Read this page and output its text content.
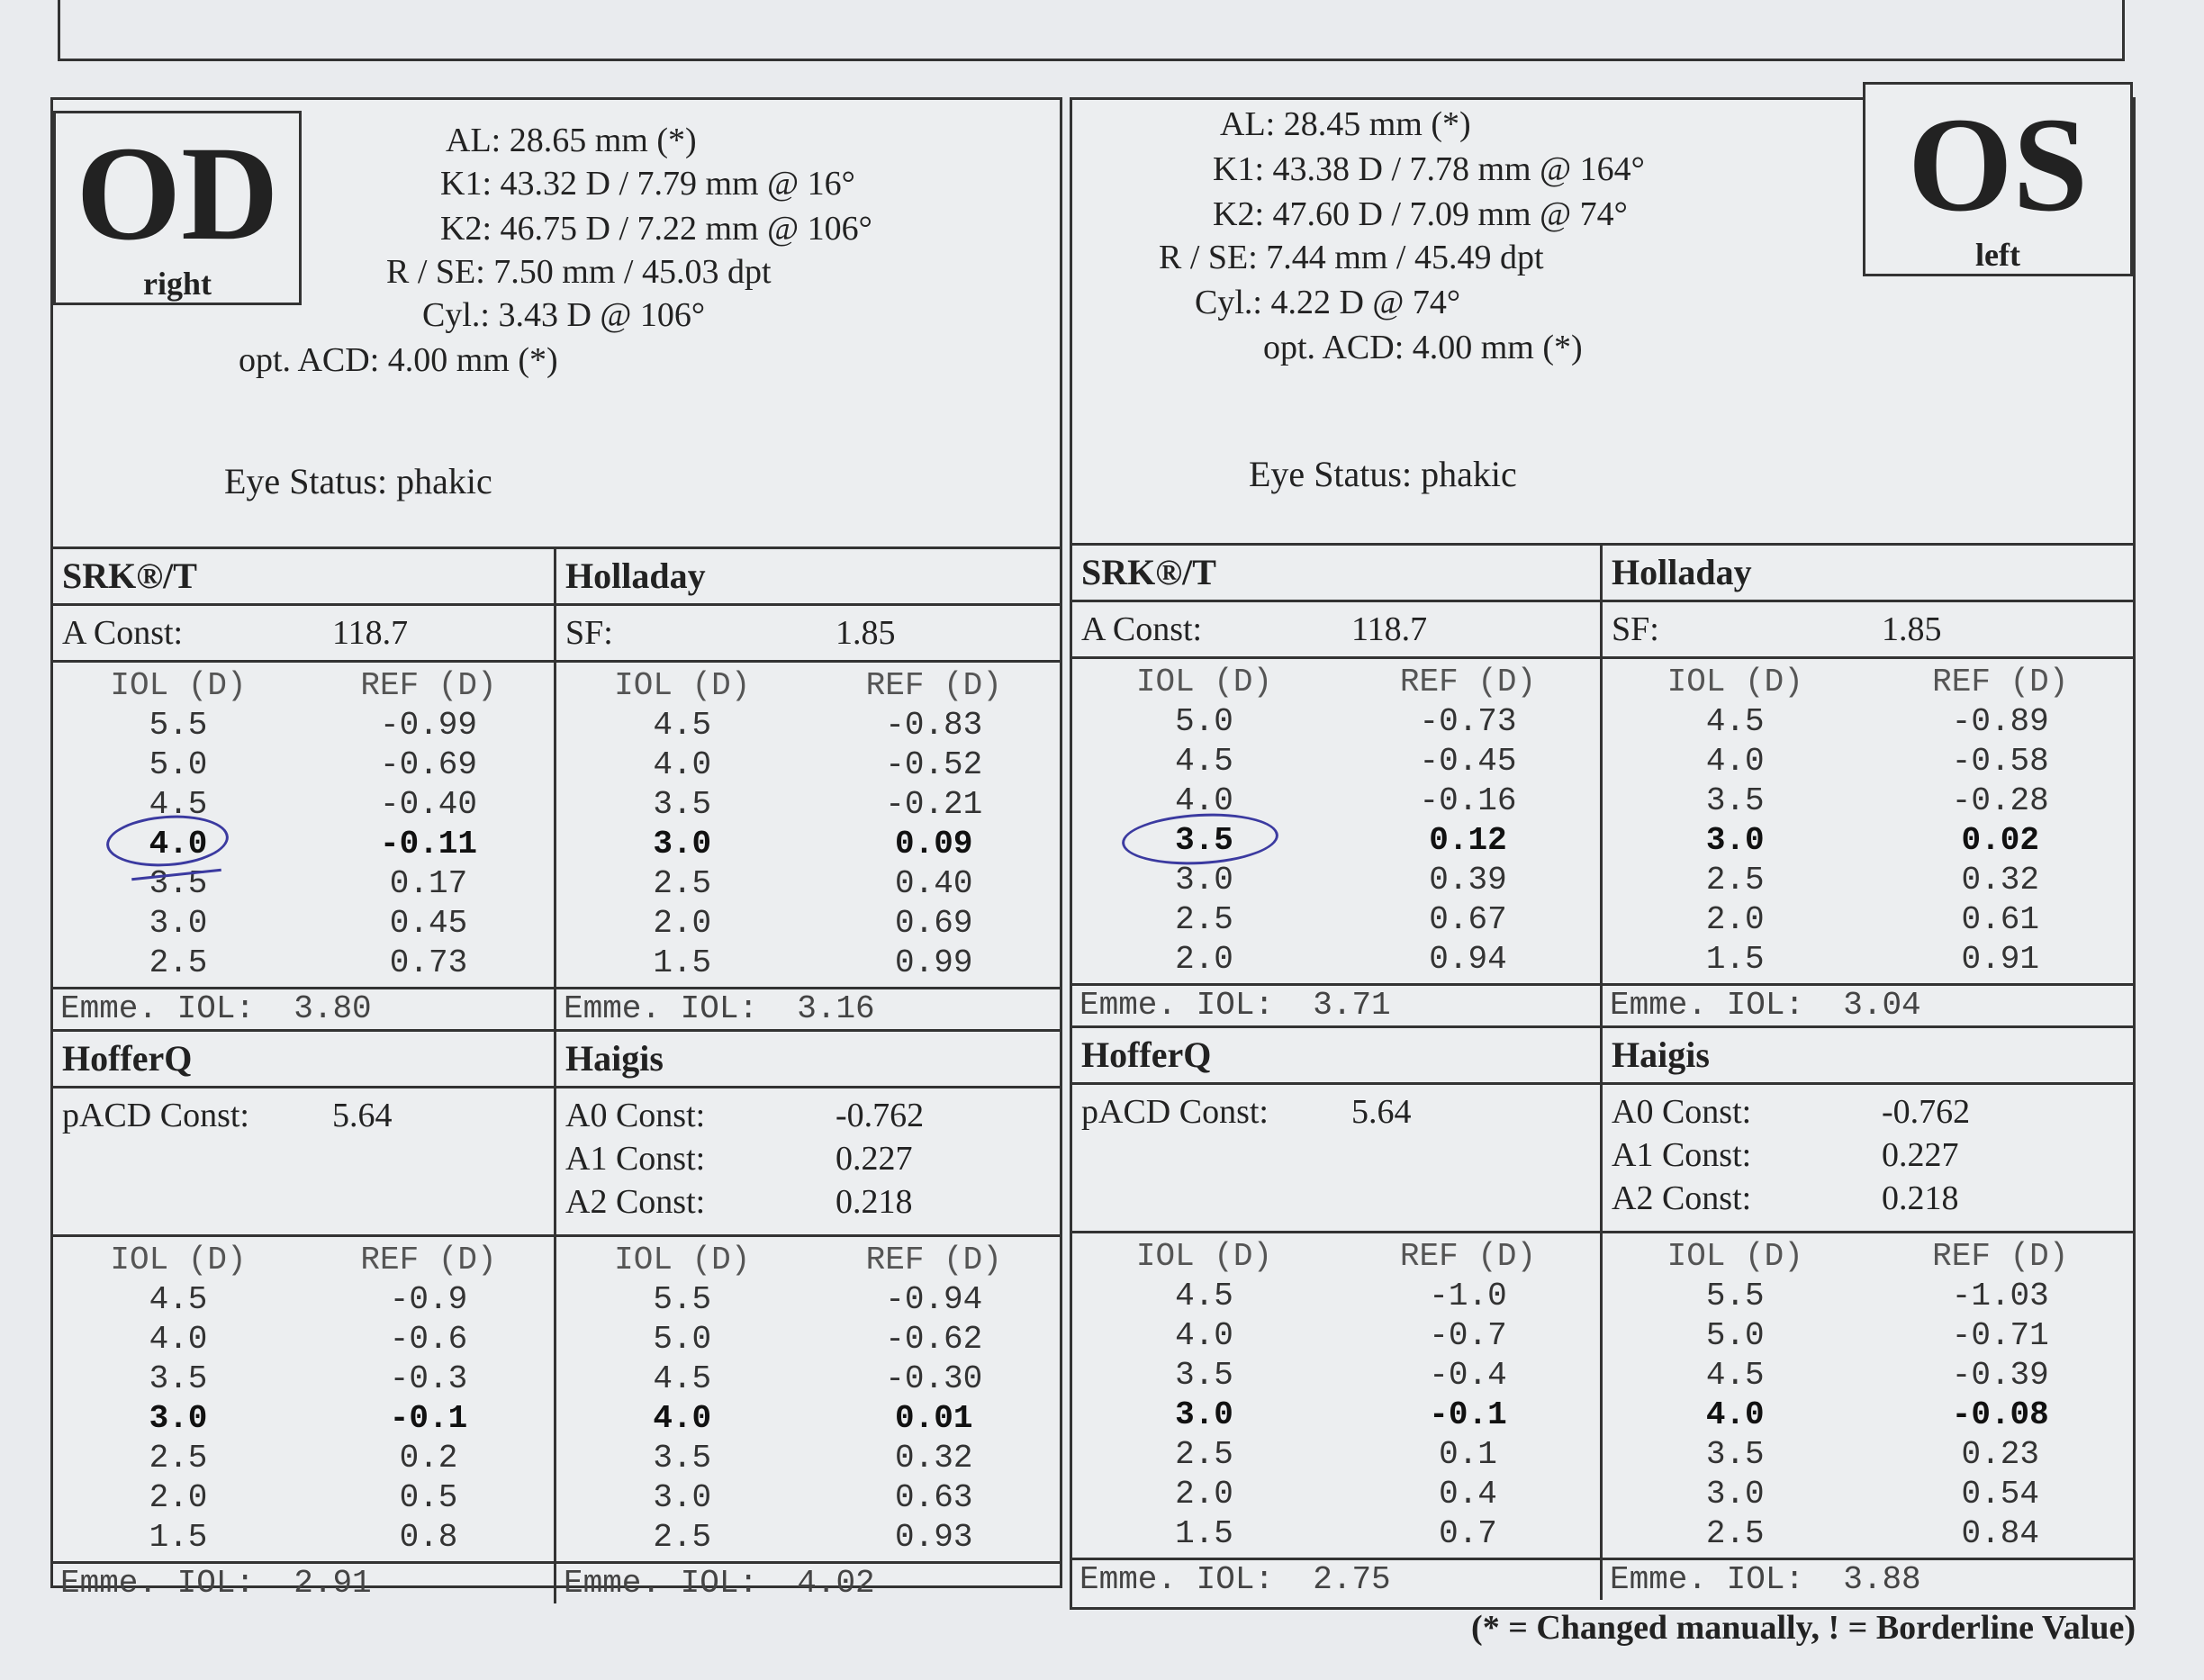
OD
right
AL: 28.65 mm (*)
K1: 43.32 D / 7.79 mm @ 16°
K2: 46.75 D / 7.22 mm @ 106°
R / SE: 7.50 mm / 45.03 dpt
Cyl.: 3.43 D @ 106°
opt. ACD: 4.00 mm (*)
Eye Status: phakic
SRK®/T
A Const:	118.7
IOL (D)	REF (D)
5.5	-0.99
5.0	-0.69
4.5	-0.40
4.0	-0.11
3.5	0.17
3.0	0.45
2.5	0.73
Emme. IOL:  3.80
Holladay
SF:	1.85
IOL (D)	REF (D)
4.5	-0.83
4.0	-0.52
3.5	-0.21
3.0	0.09
2.5	0.40
2.0	0.69
1.5	0.99
Emme. IOL:  3.16
HofferQ
pACD Const:	5.64
IOL (D)	REF (D)
4.5	-0.9
4.0	-0.6
3.5	-0.3
3.0	-0.1
2.5	0.2
2.0	0.5
1.5	0.8
Emme. IOL:  2.91
Haigis
A0 Const:	-0.762
A1 Const:	0.227
A2 Const:	0.218
IOL (D)	REF (D)
5.5	-0.94
5.0	-0.62
4.5	-0.30
4.0	0.01
3.5	0.32
3.0	0.63
2.5	0.93
Emme. IOL:  4.02
OS
left
AL: 28.45 mm (*)
K1: 43.38 D / 7.78 mm @ 164°
K2: 47.60 D / 7.09 mm @ 74°
R / SE: 7.44 mm / 45.49 dpt
Cyl.: 4.22 D @ 74°
opt. ACD: 4.00 mm (*)
Eye Status: phakic
SRK®/T
A Const:	118.7
IOL (D)	REF (D)
5.0	-0.73
4.5	-0.45
4.0	-0.16
3.5	0.12
3.0	0.39
2.5	0.67
2.0	0.94
Emme. IOL:  3.71
Holladay
SF:	1.85
IOL (D)	REF (D)
4.5	-0.89
4.0	-0.58
3.5	-0.28
3.0	0.02
2.5	0.32
2.0	0.61
1.5	0.91
Emme. IOL:  3.04
HofferQ
pACD Const:	5.64
IOL (D)	REF (D)
4.5	-1.0
4.0	-0.7
3.5	-0.4
3.0	-0.1
2.5	0.1
2.0	0.4
1.5	0.7
Emme. IOL:  2.75
Haigis
A0 Const:	-0.762
A1 Const:	0.227
A2 Const:	0.218
IOL (D)	REF (D)
5.5	-1.03
5.0	-0.71
4.5	-0.39
4.0	-0.08
3.5	0.23
3.0	0.54
2.5	0.84
Emme. IOL:  3.88
(* = Changed manually, ! = Borderline Value)
